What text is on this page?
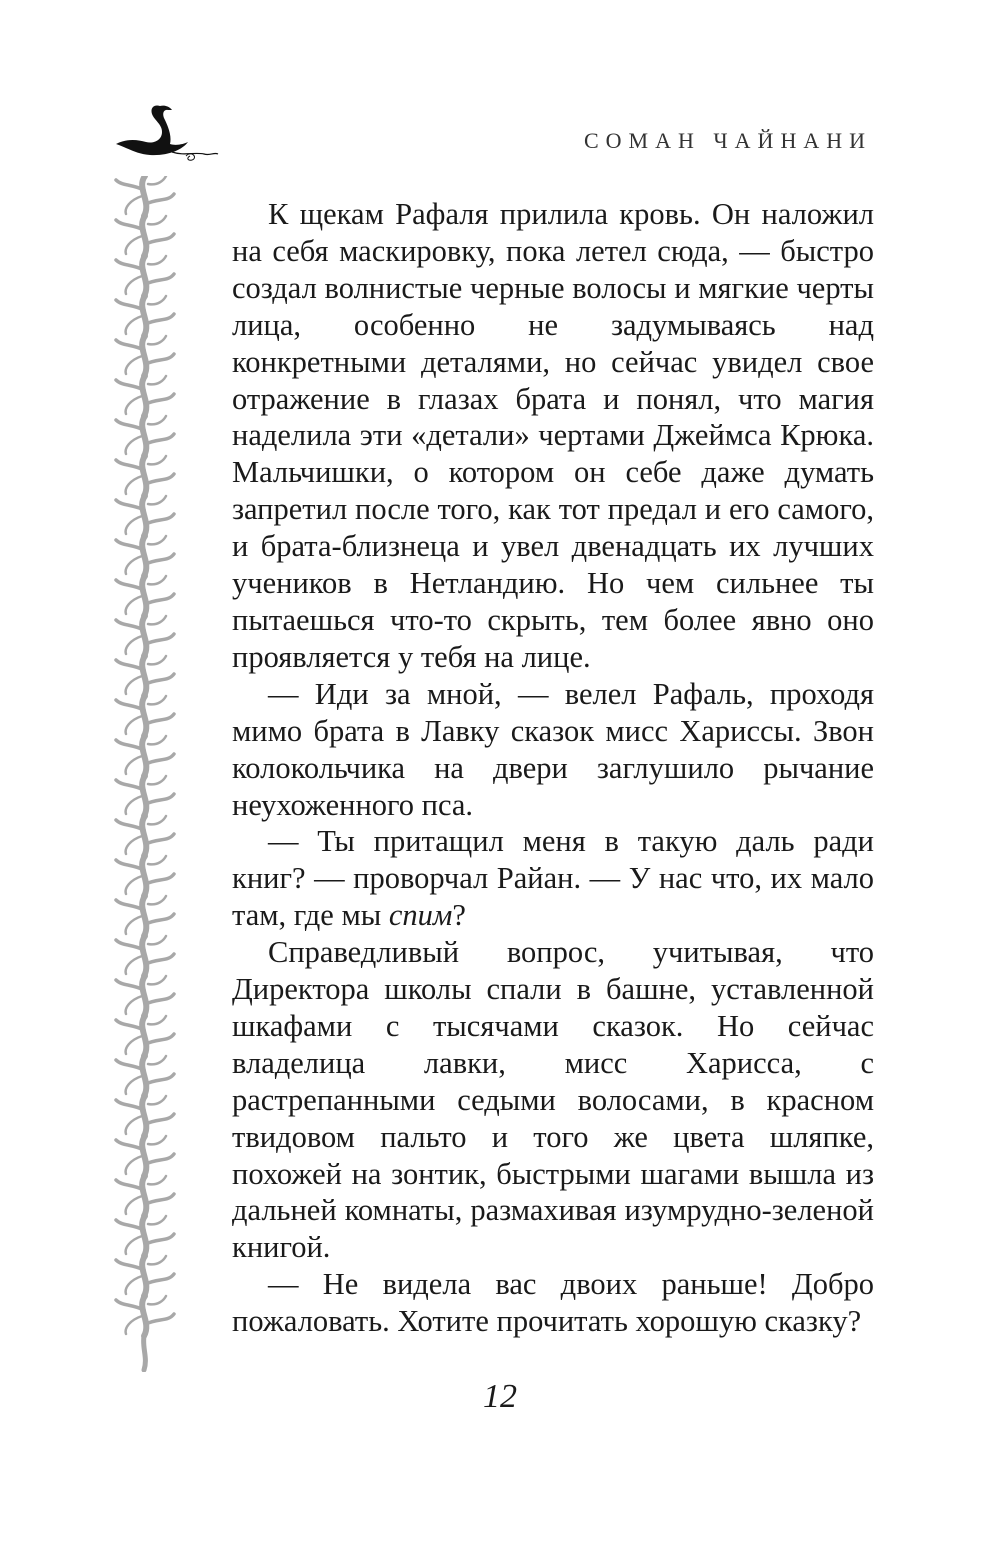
СОМАН ЧАЙНАНИ

К щекам Рафаля прилила кровь. Он наложил на себя маскировку, пока летел сюда, — быстро создал волнистые черные волосы и мягкие черты лица, особенно не задумываясь над конкретными деталями, но сейчас увидел свое отражение в глазах брата и понял, что магия наделила эти «детали» чертами Джеймса Крюка. Мальчишки, о котором он себе даже думать запретил после того, как тот предал и его самого, и брата-близнеца и увел двенадцать их лучших учеников в Нетландию. Но чем сильнее ты пытаешься что-то скрыть, тем более явно оно проявляется у тебя на лице.

— Иди за мной, — велел Рафаль, проходя мимо брата в Лавку сказок мисс Хариссы. Звон колокольчика на двери заглушило рычание неухоженного пса.

— Ты притащил меня в такую даль ради книг? — проворчал Райан. — У нас что, их мало там, где мы спим?

Справедливый вопрос, учитывая, что Директора школы спали в башне, уставленной шкафами с тысячами сказок. Но сейчас владелица лавки, мисс Харисса, с растрепанными седыми волосами, в красном твидовом пальто и того же цвета шляпке, похожей на зонтик, быстрыми шагами вышла из дальней комнаты, размахивая изумрудно-зеленой книгой.

— Не видела вас двоих раньше! Добро пожаловать. Хотите прочитать хорошую сказку?

12
